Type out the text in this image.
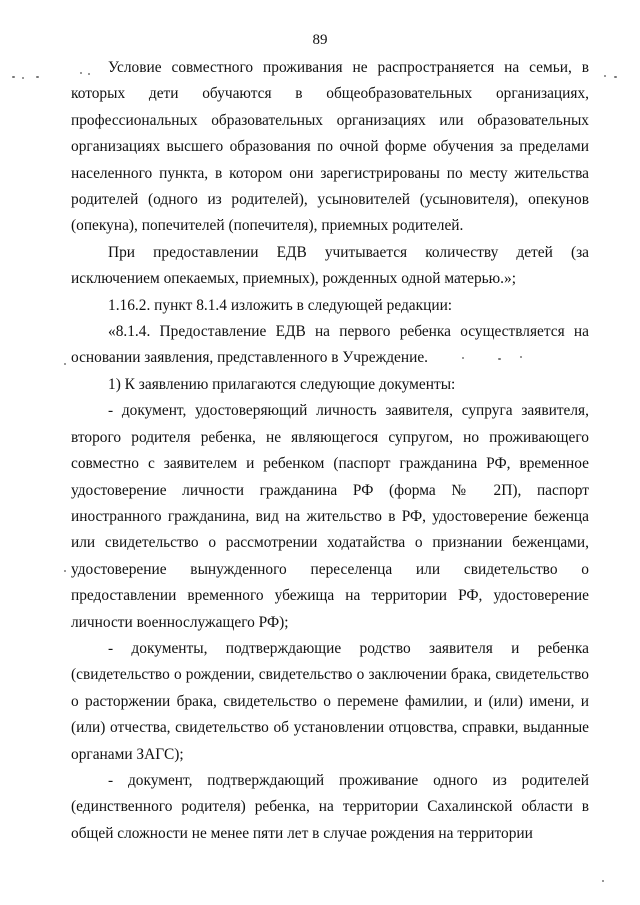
89

Условие совместного проживания не распространяется на семьи, в которых дети обучаются в общеобразовательных организациях, профессиональных образовательных организациях или образовательных организациях высшего образования по очной форме обучения за пределами населенного пункта, в котором они зарегистрированы по месту жительства родителей (одного из родителей), усыновителей (усыновителя), опекунов (опекуна), попечителей (попечителя), приемных родителей.

При предоставлении ЕДВ учитывается количеству детей (за исключением опекаемых, приемных), рожденных одной матерью.»;

1.16.2. пункт 8.1.4 изложить в следующей редакции:

«8.1.4. Предоставление ЕДВ на первого ребенка осуществляется на основании заявления, представленного в Учреждение.

1) К заявлению прилагаются следующие документы:

- документ, удостоверяющий личность заявителя, супруга заявителя, второго родителя ребенка, не являющегося супругом, но проживающего совместно с заявителем и ребенком (паспорт гражданина РФ, временное удостоверение личности гражданина РФ (форма № 2П), паспорт иностранного гражданина, вид на жительство в РФ, удостоверение беженца или свидетельство о рассмотрении ходатайства о признании беженцами, удостоверение вынужденного переселенца или свидетельство о предоставлении временного убежища на территории РФ, удостоверение личности военнослужащего РФ);

- документы, подтверждающие родство заявителя и ребенка (свидетельство о рождении, свидетельство о заключении брака, свидетельство о расторжении брака, свидетельство о перемене фамилии, и (или) имени, и (или) отчества, свидетельство об установлении отцовства, справки, выданные органами ЗАГС);

- документ, подтверждающий проживание одного из родителей (единственного родителя) ребенка, на территории Сахалинской области в общей сложности не менее пяти лет в случае рождения на территории
